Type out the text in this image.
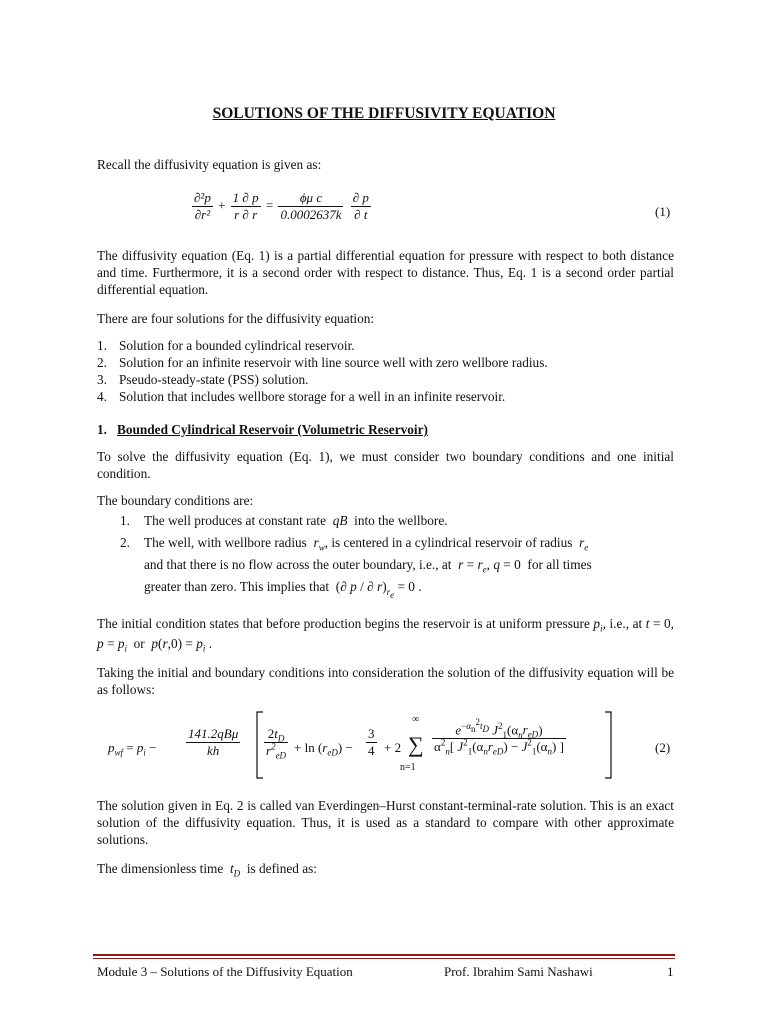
SOLUTIONS OF THE DIFFUSIVITY EQUATION
Recall the diffusivity equation is given as:
$\frac{\text{∂²p}}{\text{∂r²}} + \frac{1 \partial p}{r \partial r} = \frac{\text{ϕμ c}}{0.0002637k}$
$\frac{\partial p}{\partial t}$	(1)
The diffusivity equation (Eq. 1) is a partial differential equation for pressure with respect to both distance and time. Furthermore, it is a second order with respect to distance. Thus, Eq. 1 is a second order partial differential equation.
There are four solutions for the diffusivity equation:
1. Solution for a bounded cylindrical reservoir.
2. Solution for an infinite reservoir with line source well with zero wellbore radius.
3. Pseudo-steady-state (PSS) solution.
4. Solution that includes wellbore storage for a well in an infinite reservoir.
1. Bounded Cylindrical Reservoir (Volumetric Reservoir)
To solve the diffusivity equation (Eq. 1), we must consider two boundary conditions and one initial condition.
The boundary conditions are:
1. The well produces at constant rate qB into the wellbore.
2. The well, with wellbore radius $r_w$, is centered in a cylindrical reservoir of radius $r_e$
and that there is no flow across the outer boundary, i.e., at $r = r_e$, q = 0  for all times
greater than zero. This implies that  (∂ p / ∂ $r)_{r_e} = 0$ .
The initial condition states that before production begins the reservoir is at uniform pressure $p_i$, i.e., at t = 0, $p = p_i$  or  $p(r,0) = p_i$ .
Taking the initial and boundary conditions into consideration the solution of the diffusivity equation will be as follows:
$p_{wf} = p_i$ −
141.2qBμ
kh	$\frac{2t_D}{r^2_{eD}} + \ln (r_{eD}) - \frac{3}{4} + 2$
∞
∑
n=1
$e^{-\alpha_n^2t_D}$ $J^2_1(\alpha_nr_{eD})$
$\alpha^2_n$[ $J^2_1(\alpha_nr_{eD}) - J^2_1(\alpha_n)$ ]	(2)
The solution given in Eq. 2 is called van Everdingen–Hurst constant-terminal-rate solution. This is an exact solution of the diffusivity equation. Thus, it is used as a standard to compare with other approximate solutions.
The dimensionless time $t_D$ is defined as:
Module 3 – Solutions of the Diffusivity Equation	Prof. Ibrahim Sami Nashawi	1
